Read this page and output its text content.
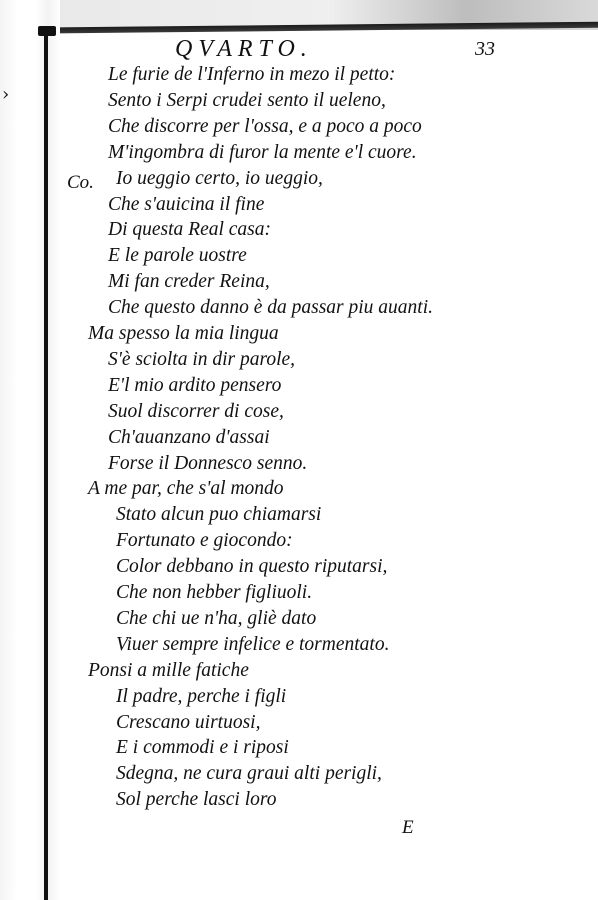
›
QVARTO.	33
Co.
Le furie de l'Inferno in mezo il petto:
Sento i Serpi crudei sento il ueleno,
Che discorre per l'ossa, e a poco a poco
M'ingombra di furor la mente e'l cuore.
Io ueggio certo, io ueggio,
Che s'auicina il fine
Di questa Real casa:
E le parole uostre
Mi fan creder Reina,
Che questo danno è da passar piu auanti.
Ma spesso la mia lingua
S'è sciolta in dir parole,
E'l mio ardito pensero
Suol discorrer di cose,
Ch'auanzano d'assai
Forse il Donnesco senno.
A me par, che s'al mondo
Stato alcun puo chiamarsi
Fortunato e giocondo:
Color debbano in questo riputarsi,
Che non hebber figliuoli.
Che chi ue n'ha, gliè dato
Viuer sempre infelice e tormentato.
Ponsi a mille fatiche
Il padre, perche i figli
Crescano uirtuosi,
E i commodi e i riposi
Sdegna, ne cura graui alti perigli,
Sol perche lasci loro
E
